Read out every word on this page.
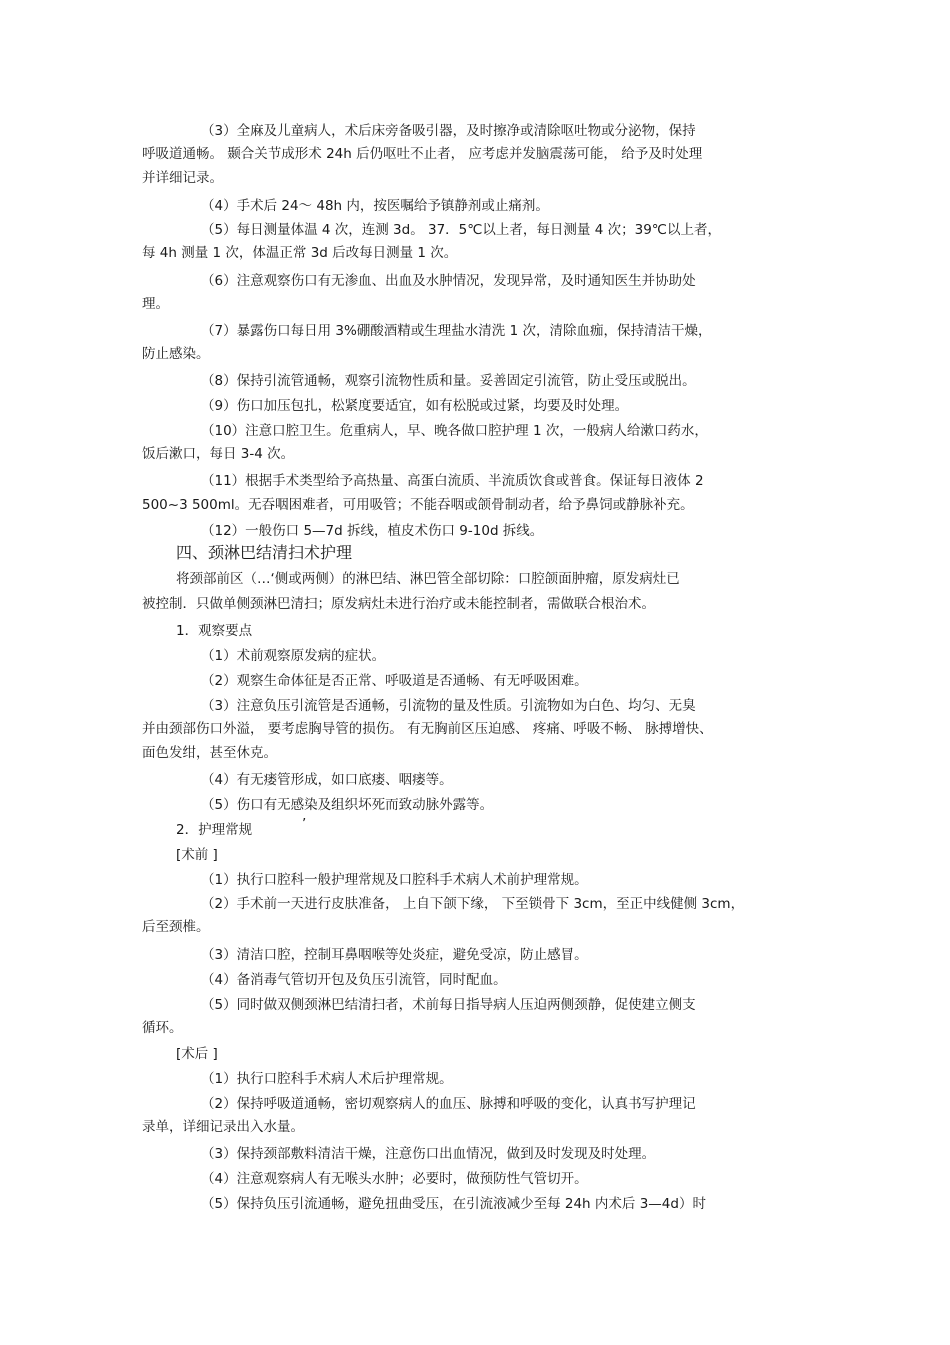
（3）全麻及儿童病人，术后床旁备吸引器，及时擦净或清除呕吐物或分泌物，保持
呼吸道通畅。 颞合关节成形术 24h 后仍呕吐不止者， 应考虑并发脑震荡可能， 给予及时处理
并详细记录。
（4）手术后 24～ 48h 内，按医嘱给予镇静剂或止痛剂。
（5）每日测量体温 4 次，连测 3d。 37．5℃以上者，每日测量 4 次；39℃以上者，
每 4h 测量 1 次，体温正常 3d 后改每日测量 1 次。
（6）注意观察伤口有无渗血、出血及水肿情况，发现异常，及时通知医生并协助处
理。
（7）暴露伤口每日用 3%硼酸酒精或生理盐水清洗 1 次，清除血痂，保持清洁干燥，
防止感染。
（8）保持引流管通畅，观察引流物性质和量。妥善固定引流管，防止受压或脱出。
（9）伤口加压包扎，松紧度要适宜，如有松脱或过紧，均要及时处理。
（10）注意口腔卫生。危重病人，早、晚各做口腔护理 1 次，一般病人给漱口药水，
饭后漱口，每日 3-4 次。
（11）根据手术类型给予高热量、高蛋白流质、半流质饮食或普食。保证每日液体 2
500~3 500ml。无吞咽困难者，可用吸管；不能吞咽或颌骨制动者，给予鼻饲或静脉补充。
（12）一般伤口 5—7d 拆线，植皮术伤口 9-10d 拆线。
四、颈淋巴结清扫术护理
将颈部前区（…‘侧或两侧）的淋巴结、淋巴管全部切除：口腔颌面肿瘤，原发病灶已
被控制．只做单侧颈淋巴清扫；原发病灶未进行治疗或未能控制者，需做联合根治术。
1．观察要点
（1）术前观察原发病的症状。
（2）观察生命体征是否正常、呼吸道是否通畅、有无呼吸困难。
（3）注意负压引流管是否通畅，引流物的量及性质。引流物如为白色、均匀、无臭
并由颈部伤口外溢， 要考虑胸导管的损伤。 有无胸前区压迫感、 疼痛、呼吸不畅、 脉搏增快、
面色发绀，甚至休克。
（4）有无瘘管形成，如口底瘘、咽瘘等。
（5）伤口有无感染及组织坏死而致动脉外露等。
2．护理常规	’
[术前 ]
（1）执行口腔科一般护理常规及口腔科手术病人术前护理常规。
（2）手术前一天进行皮肤准备， 上自下颌下缘， 下至锁骨下 3cm，至正中线健侧 3cm，
后至颈椎。
（3）清洁口腔，控制耳鼻咽喉等处炎症，避免受凉，防止感冒。
（4）备消毒气管切开包及负压引流管，同时配血。
（5）同时做双侧颈淋巴结清扫者，术前每日指导病人压迫两侧颈静，促使建立侧支
循环。
[术后 ]
（1）执行口腔科手术病人术后护理常规。
（2）保持呼吸道通畅，密切观察病人的血压、脉搏和呼吸的变化，认真书写护理记
录单，详细记录出入水量。
（3）保持颈部敷料清洁干燥，注意伤口出血情况，做到及时发现及时处理。
（4）注意观察病人有无喉头水肿；必要时，做预防性气管切开。
（5）保持负压引流通畅，避免扭曲受压，在引流液减少至每 24h 内术后 3—4d）时
